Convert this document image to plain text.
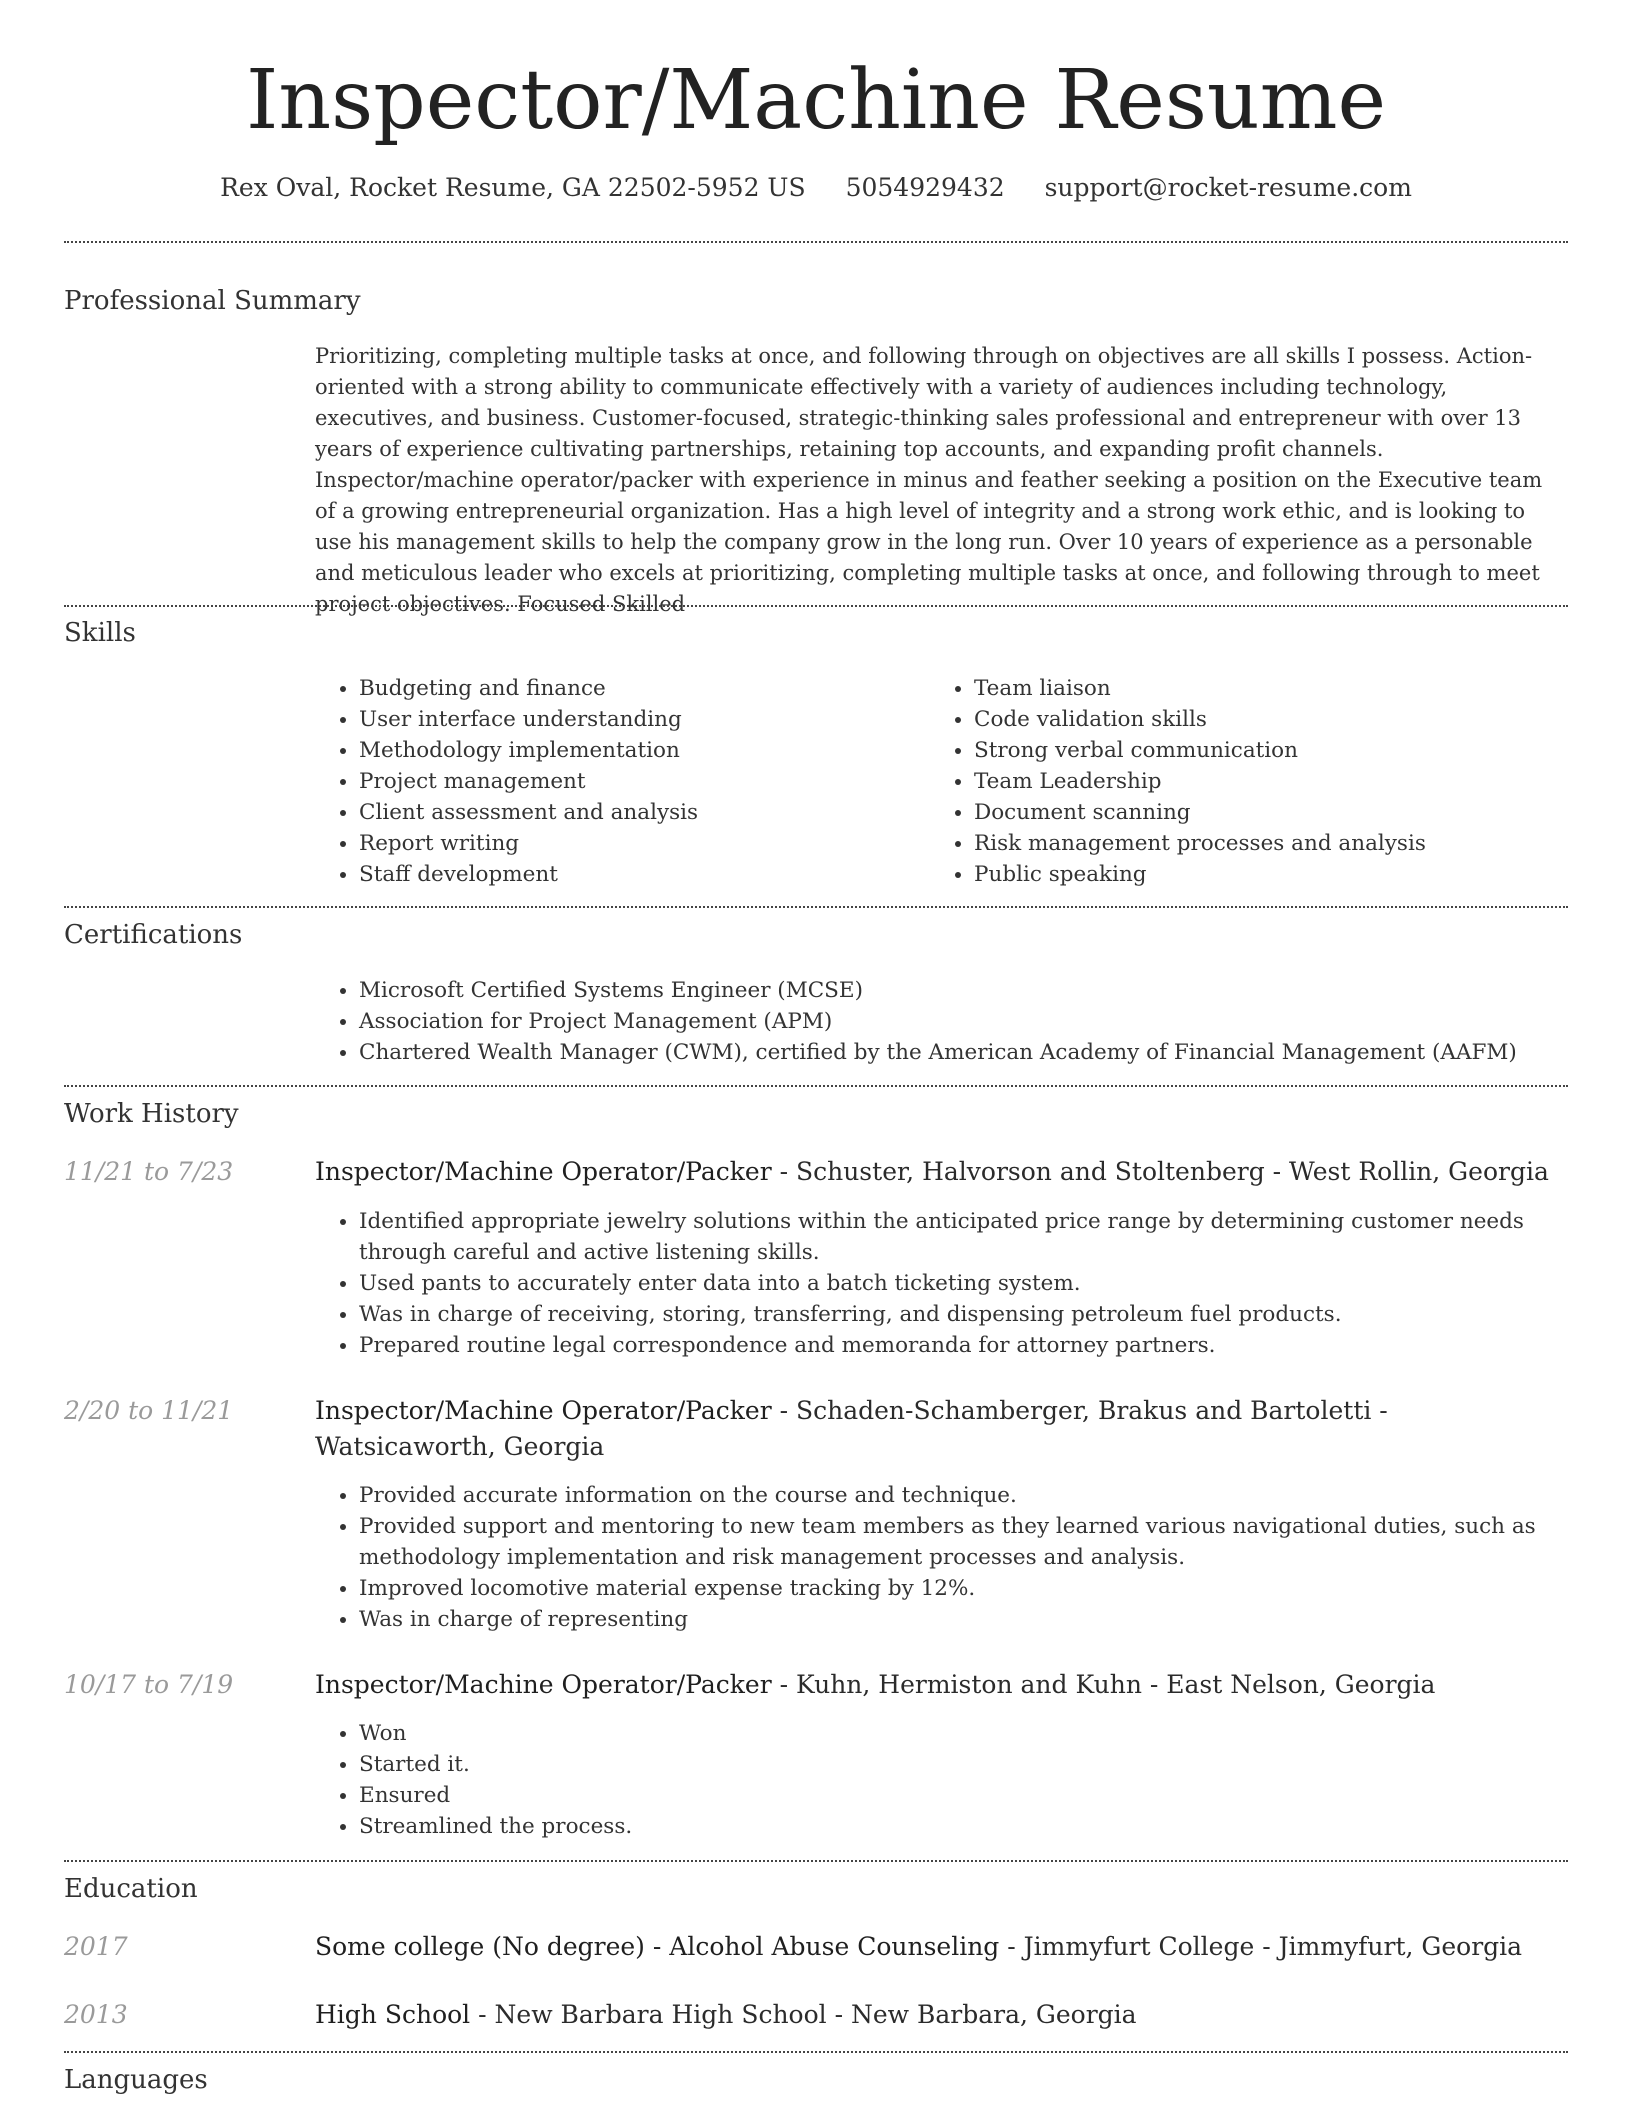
Inspector/Machine Resume
Rex Oval, Rocket Resume, GA 22502-5952 US 5054929432 support@rocket-resume.com
Professional Summary

Prioritizing, completing multiple tasks at once, and following through on objectives are all skills I possess. Action-oriented with a strong ability to communicate effectively with a variety of audiences including technology, executives, and business. Customer-focused, strategic-thinking sales professional and entrepreneur with over 13 years of experience cultivating partnerships, retaining top accounts, and expanding profit channels. Inspector/machine operator/packer with experience in minus and feather seeking a position on the Executive team of a growing entrepreneurial organization. Has a high level of integrity and a strong work ethic, and is looking to use his management skills to help the company grow in the long run. Over 10 years of experience as a personable and meticulous leader who excels at prioritizing, completing multiple tasks at once, and following through to meet project objectives. Focused Skilled

Skills
• Budgeting and finance
• User interface understanding
• Methodology implementation
• Project management
• Client assessment and analysis
• Report writing
• Staff development
• Team liaison
• Code validation skills
• Strong verbal communication
• Team Leadership
• Document scanning
• Risk management processes and analysis
• Public speaking
Certifications
• Microsoft Certified Systems Engineer (MCSE)
• Association for Project Management (APM)
• Chartered Wealth Manager (CWM), certified by the American Academy of Financial Management (AAFM)
Work History
11/21 to 7/23	Inspector/Machine Operator/Packer - Schuster, Halvorson and Stoltenberg - West Rollin, Georgia
• Identified appropriate jewelry solutions within the anticipated price range by determining customer needs through careful and active listening skills.
• Used pants to accurately enter data into a batch ticketing system.
• Was in charge of receiving, storing, transferring, and dispensing petroleum fuel products.
• Prepared routine legal correspondence and memoranda for attorney partners.
2/20 to 11/21	Inspector/Machine Operator/Packer - Schaden-Schamberger, Brakus and Bartoletti - Watsicaworth, Georgia
• Provided accurate information on the course and technique.
• Provided support and mentoring to new team members as they learned various navigational duties, such as methodology implementation and risk management processes and analysis.
• Improved locomotive material expense tracking by 12%.
• Was in charge of representing
10/17 to 7/19	Inspector/Machine Operator/Packer - Kuhn, Hermiston and Kuhn - East Nelson, Georgia
• Won
• Started it.
• Ensured
• Streamlined the process.
Education
2017	Some college (No degree) - Alcohol Abuse Counseling - Jimmyfurt College - Jimmyfurt, Georgia
2013	High School - New Barbara High School - New Barbara, Georgia
Languages
